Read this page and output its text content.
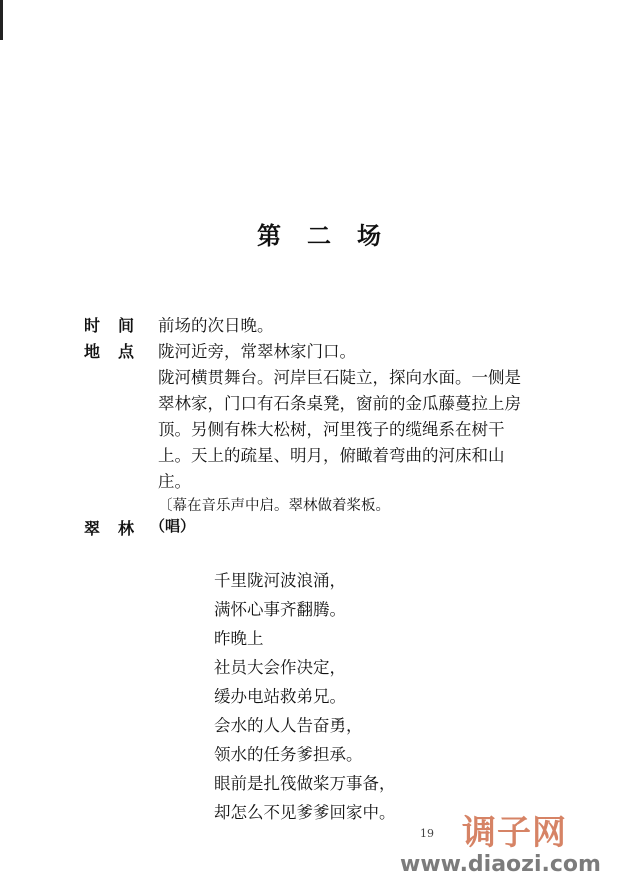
第 二 场
时 间 前场的次日晚。
地 点 陇河近旁，常翠林家门口。
陇河横贯舞台。河岸巨石陡立，探向水面。一侧是
翠林家，门口有石条桌凳，窗前的金瓜藤蔓拉上房
顶。另侧有株大松树，河里筏子的缆绳系在树干
上。天上的疏星、明月，俯瞰着弯曲的河床和山
庄。
〔幕在音乐声中启。翠林做着桨板。
翠 林 （唱）
千里陇河波浪涌，
满怀心事齐翻腾。
昨晚上
社员大会作决定，
缓办电站救弟兄。
会水的人人告奋勇，
领水的任务爹担承。
眼前是扎筏做桨万事备，
却怎么不见爹爹回家中。
19 调子网
www.diaozi.com
